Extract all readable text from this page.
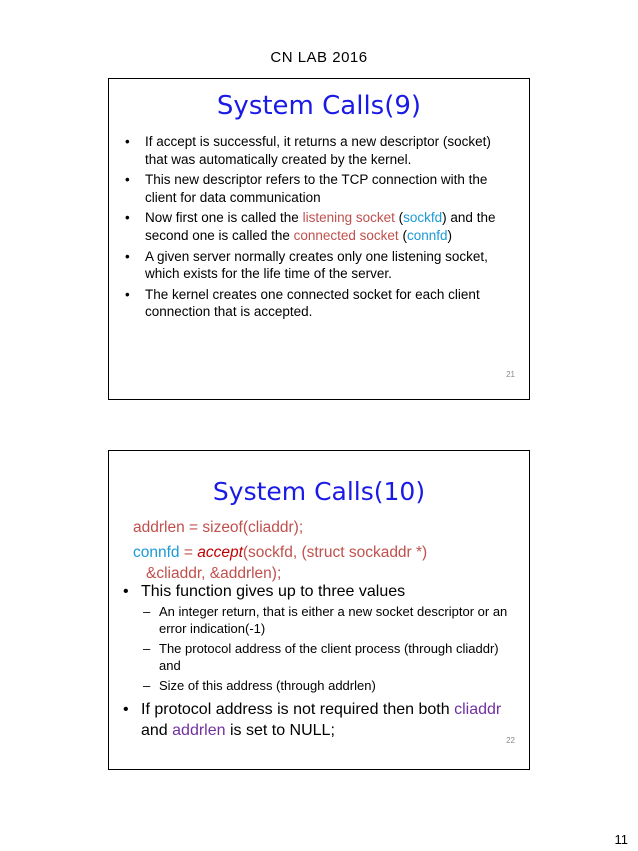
CN LAB 2016
System Calls(9)
• If accept is successful, it returns a new descriptor (socket) that was automatically created by the kernel.
• This new descriptor refers to the TCP connection with the client for data communication
• Now first one is called the listening socket (sockfd) and the second one is called the connected socket (connfd)
• A given server normally creates only one listening socket, which exists for the life time of the server.
• The kernel creates one connected socket for each client connection that is accepted.
21
System Calls(10)
addrlen = sizeof(cliaddr);
connfd = accept(sockfd, (struct sockaddr *)
&cliaddr, &addrlen);
• This function gives up to three values
– An integer return, that is either a new socket descriptor or an error indication(-1)
– The protocol address of the client process (through cliaddr) and
– Size of this address (through addrlen)
• If protocol address is not required then both cliaddr and addrlen is set to NULL;
22
11
